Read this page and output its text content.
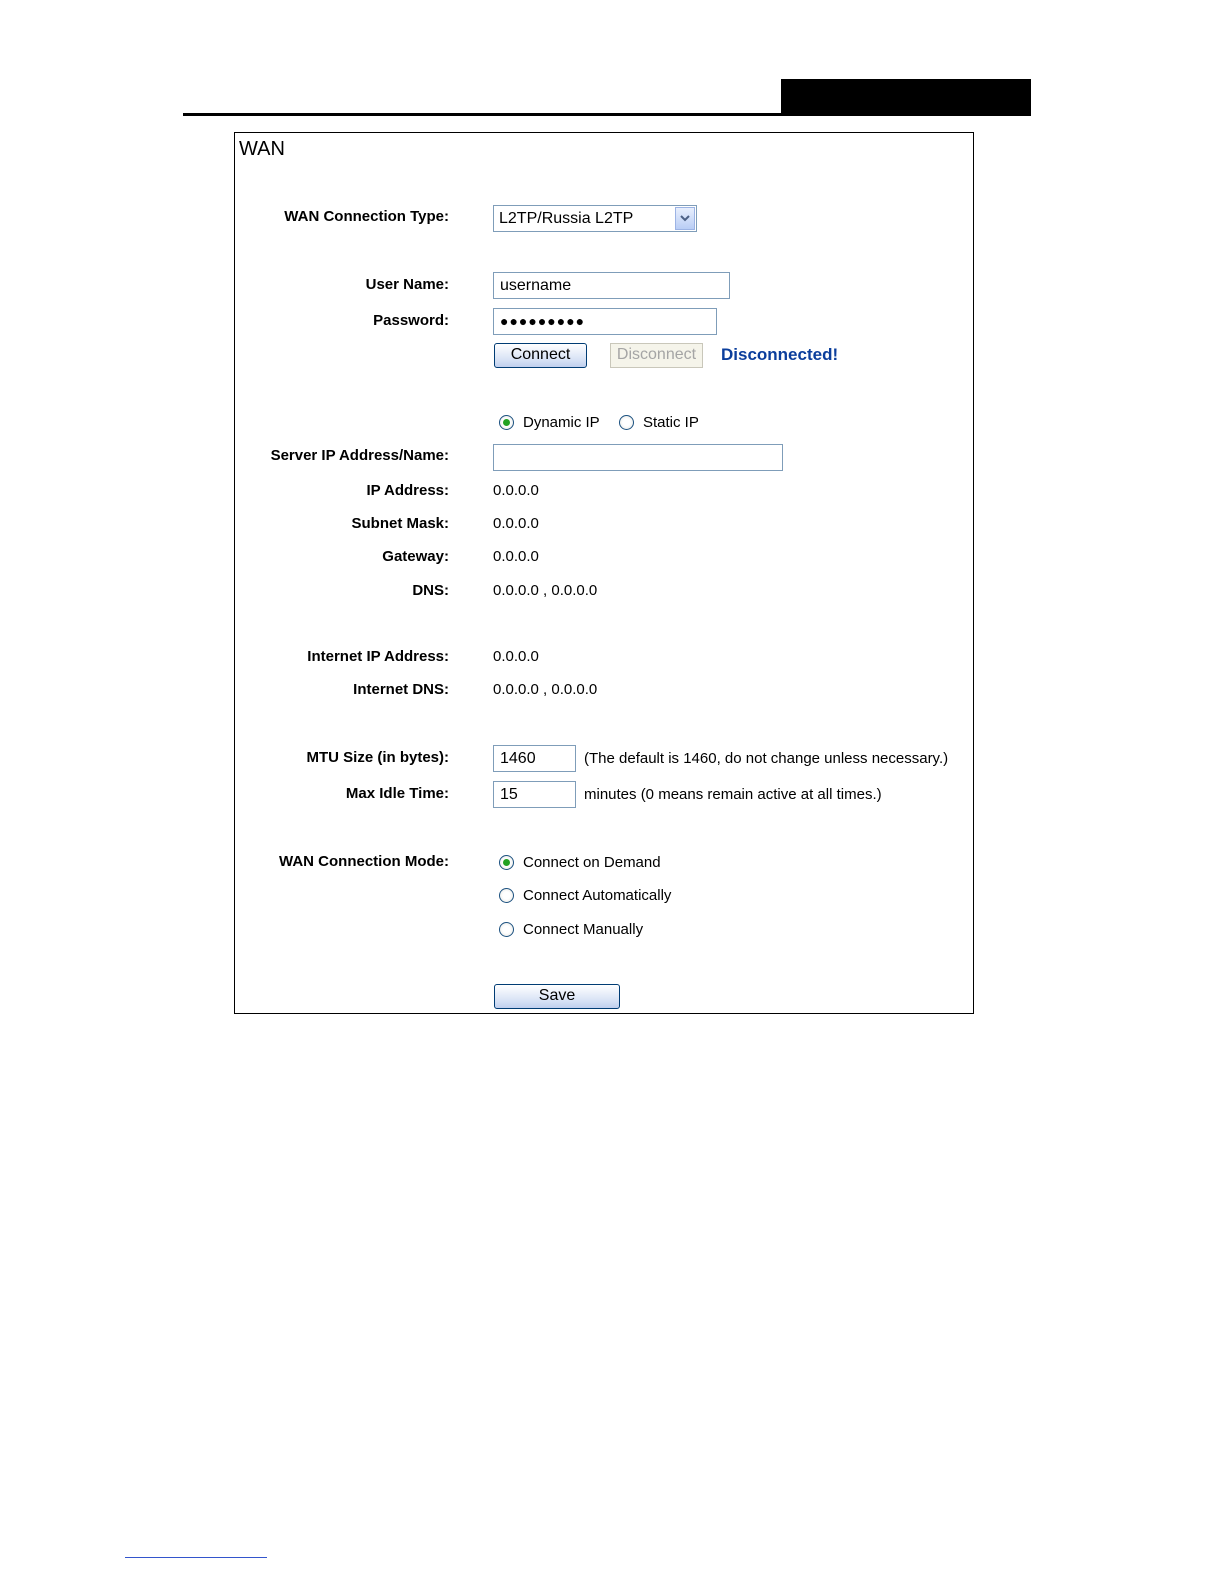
WAN
WAN Connection Type:	L2TP/Russia L2TP
User Name:	username
Password:	●●●●●●●●●
Connect	Disconnect	Disconnected!
Dynamic IP	Static IP
Server IP Address/Name:
IP Address:	0.0.0.0
Subnet Mask:	0.0.0.0
Gateway:	0.0.0.0
DNS:	0.0.0.0 , 0.0.0.0
Internet IP Address:	0.0.0.0
Internet DNS:	0.0.0.0 , 0.0.0.0
MTU Size (in bytes):	1460	(The default is 1460, do not change unless necessary.)
Max Idle Time:	15	minutes (0 means remain active at all times.)
WAN Connection Mode:	Connect on Demand
Connect Automatically
Connect Manually
Save
